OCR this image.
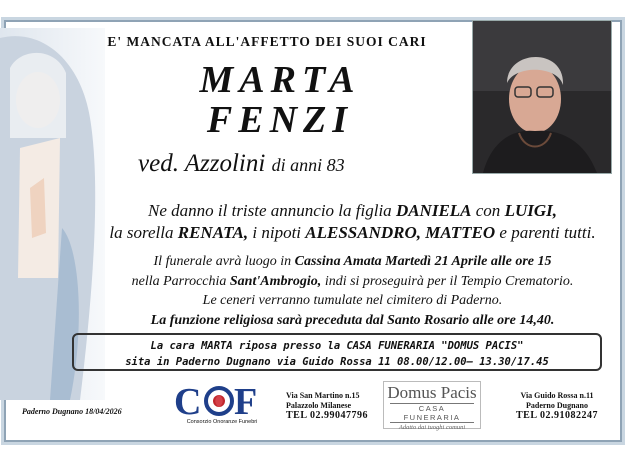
E' MANCATA ALL'AFFETTO DEI SUOI CARI
MARTA
FENZI
ved. Azzolini di anni 83
Ne danno il triste annuncio la figlia DANIELA con LUIGI,
la sorella RENATA, i nipoti ALESSANDRO, MATTEO e parenti tutti.
Il funerale avrà luogo in Cassina Amata Martedì 21 Aprile alle ore 15
nella Parrocchia Sant'Ambrogio, indi si proseguirà per il Tempio Crematorio.
Le ceneri verranno tumulate nel cimitero di Paderno.
La funzione religiosa sarà preceduta dal Santo Rosario alle ore 14,40.
La cara MARTA riposa presso la CASA FUNERARIA "DOMUS PACIS"
sita in Paderno Dugnano via Guido Rossa 11 08.00/12.00– 13.30/17.45
Paderno Dugnano 18/04/2026 C F
Consorzio Onoranze Funebri
Via San Martino n.15
Palazzolo Milanese
TEL 02.99047796
Domus Pacis
CASA FUNERARIA
Adatto dai tuoghi comuni
Via Guido Rossa n.11
Paderno Dugnano
TEL 02.91082247
